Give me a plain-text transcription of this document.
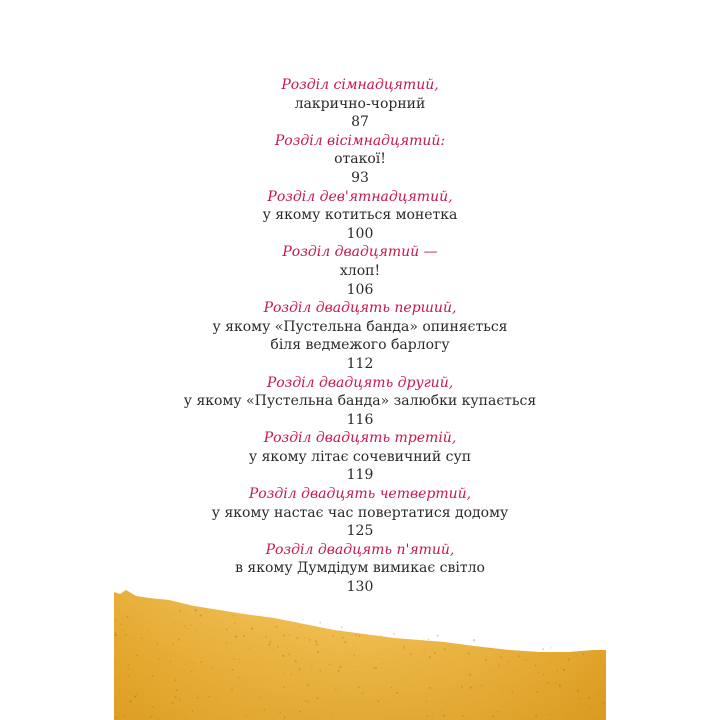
Розділ сімнадцятий,
лакрично-чорний
87
Розділ вісімнадцятий:
отакої!
93
Розділ дев'ятнадцятий,
у якому котиться монетка
100
Розділ двадцятий —
хлоп!
106
Розділ двадцять перший,
у якому «Пустельна банда» опиняється
біля ведмежого барлогу
112
Розділ двадцять другий,
у якому «Пустельна банда» залюбки купається
116
Розділ двадцять третій,
у якому літає сочевичний суп
119
Розділ двадцять четвертий,
у якому настає час повертатися додому
125
Розділ двадцять п'ятий,
в якому Думдідум вимикає світло
130
